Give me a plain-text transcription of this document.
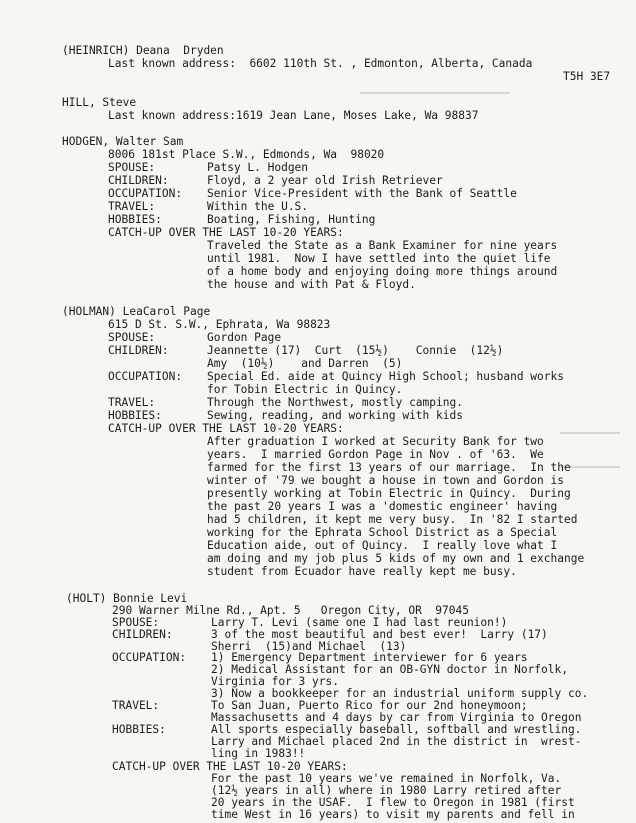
(HEINRICH) Deana  Dryden
Last known address:  6602 110th St. , Edmonton, Alberta, Canada
T5H 3E7
HILL, Steve
Last known address:1619 Jean Lane, Moses Lake, Wa 98837
HODGEN, Walter Sam
8006 181st Place S.W., Edmonds, Wa  98020
SPOUSE:	Patsy L. Hodgen
CHILDREN:	Floyd, a 2 year old Irish Retriever
OCCUPATION: Senior Vice-President with the Bank of Seattle
TRAVEL:	Within the U.S.
HOBBIES:	Boating, Fishing, Hunting
CATCH-UP OVER THE LAST 10-20 YEARS:
Traveled the State as a Bank Examiner for nine years
until 1981.  Now I have settled into the quiet life
of a home body and enjoying doing more things around
the house and with Pat & Floyd.
(HOLMAN) LeaCarol Page
615 D St. S.W., Ephrata, Wa 98823
SPOUSE:	Gordon Page
CHILDREN:	Jeannette (17)  Curt  (15½)    Connie  (12½)
Amy  (10½)    and Darren  (5)
OCCUPATION: Special Ed. aide at Quincy High School; husband works
for Tobin Electric in Quincy.
TRAVEL:	Through the Northwest, mostly camping.
HOBBIES:	Sewing, reading, and working with kids
CATCH-UP OVER THE LAST 10-20 YEARS:
After graduation I worked at Security Bank for two
years.  I married Gordon Page in Nov . of '63.  We
farmed for the first 13 years of our marriage.  In the
winter of '79 we bought a house in town and Gordon is
presently working at Tobin Electric in Quincy.  During
the past 20 years I was a 'domestic engineer' having
had 5 children, it kept me very busy.  In '82 I started
working for the Ephrata School District as a Special
Education aide, out of Quincy.  I really love what I
am doing and my job plus 5 kids of my own and 1 exchange
student from Ecuador have really kept me busy.
(HOLT) Bonnie Levi
290 Warner Milne Rd., Apt. 5   Oregon City, OR  97045
SPOUSE:	Larry T. Levi (same one I had last reunion!)
CHILDREN:	3 of the most beautiful and best ever!  Larry (17)
Sherri  (15)and Michael  (13)
OCCUPATION: 1) Emergency Department interviewer for 6 years
2) Medical Assistant for an OB-GYN doctor in Norfolk,
Virginia for 3 yrs.
3) Now a bookkeeper for an industrial uniform supply co.
TRAVEL:	To San Juan, Puerto Rico for our 2nd honeymoon;
Massachusetts and 4 days by car from Virginia to Oregon
HOBBIES:	All sports especially baseball, softball and wrestling.
Larry and Michael placed 2nd in the district in  wrest-
ling in 1983!!
CATCH-UP OVER THE LAST 10-20 YEARS:
For the past 10 years we've remained in Norfolk, Va.
(12½ years in all) where in 1980 Larry retired after
20 years in the USAF.  I flew to Oregon in 1981 (first
time West in 16 years) to visit my parents and fell in
